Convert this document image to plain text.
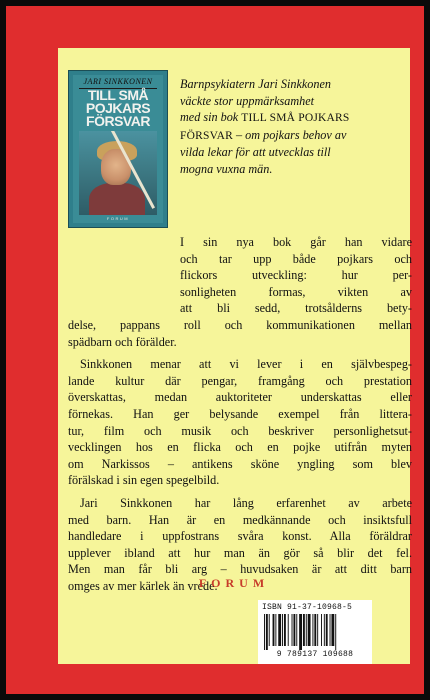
JARI SINKKONEN
TILL SMÅ
POJKARS
FÖRSVAR
FORUM
Barnpsykiatern Jari Sinkkonen
väckte stor uppmärksamhet
med sin bok TILL SMÅ POJKARS
FÖRSVAR – om pojkars behov av
vilda lekar för att utvecklas till
mogna vuxna män.
I sin nya bok går han vidare
och tar upp både pojkars och
flickors utveckling: hur per-
sonligheten formas, vikten av
att bli sedd, trotsålderns bety-
delse, pappans roll och kommunikationen mellan
spädbarn och förälder.
Sinkkonen menar att vi lever i en självbespeg-
lande kultur där pengar, framgång och prestation
överskattas, medan auktoriteter underskattas eller
förnekas. Han ger belysande exempel från littera-
tur, film och musik och beskriver personlighetsut-
vecklingen hos en flicka och en pojke utifrån myten
om Narkissos – antikens sköne yngling som blev
förälskad i sin egen spegelbild.
Jari Sinkkonen har lång erfarenhet av arbete
med barn. Han är en medkännande och insiktsfull
handledare i uppfostrans svåra konst. Alla föräldrar
upplever ibland att hur man än gör så blir det fel.
Men man får bli arg – huvudsaken är att ditt barn
omges av mer kärlek än vrede.
FORUM
ISBN 91-37-10968-5
9 789137 109688
